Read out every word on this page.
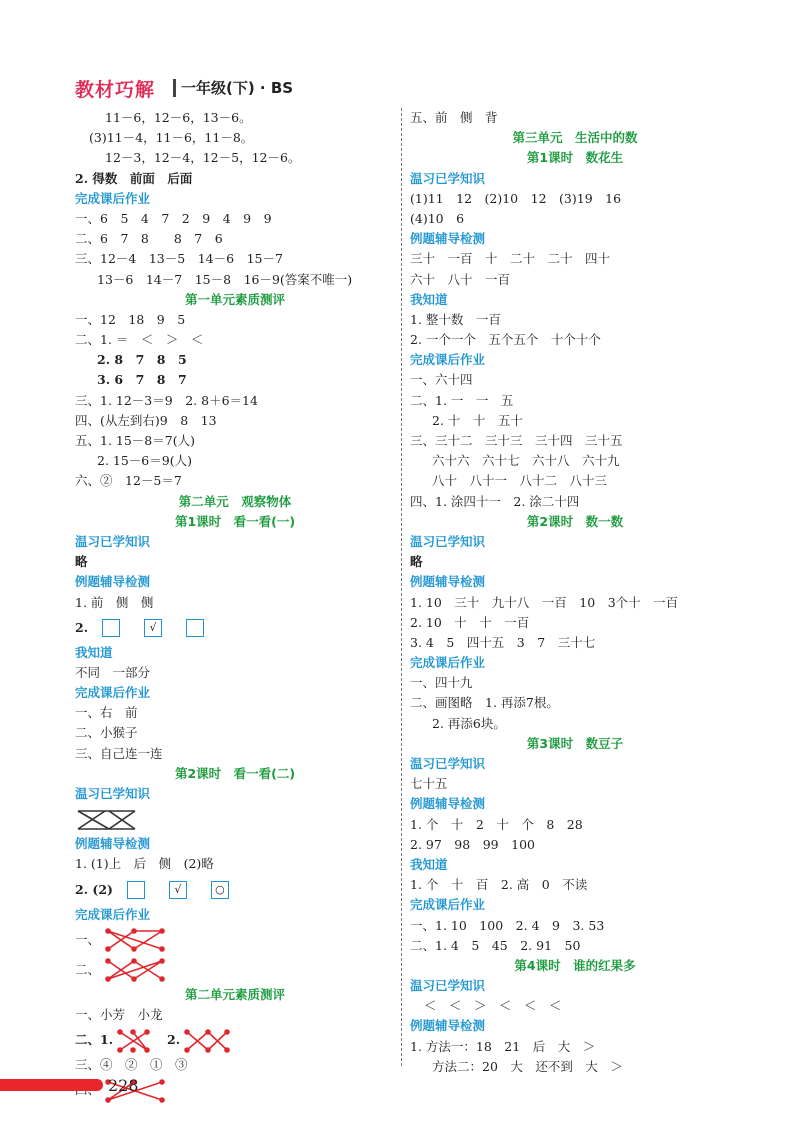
教材巧解 一年级(下) · BS
11－6，12－6，13－6。
(3)11－4，11－6，11－8。
12－3，12－4，12－5，12－6。
2. 得数　前面　后面
完成课后作业
一、6　5　4　7　2　9　4　9　9
二、6　7　8　　8　7　6
三、12－4　13－5　14－6　15－7
13－6　14－7　15－8　16－9(答案不唯一)
第一单元素质测评
一、12　18　9　5
二、1. ＝　＜　＞　＜
2. 8　7　8　5
3. 6　7　8　7
三、1. 12－3＝9　2. 8＋6＝14
四、(从左到右)9　8　13
五、1. 15－8＝7(人)
2. 15－6＝9(人)
六、②　12－5＝7
第二单元　观察物体
第1课时　看一看(一)
温习已学知识
略
例题辅导检测
1. 前　侧　侧
2.	√
我知道
不同　一部分
完成课后作业
一、右　前
二、小猴子
三、自己连一连
第2课时　看一看(二)
温习已学知识
例题辅导检测
1. (1)上　后　侧　(2)略
2. (2)	√	○
完成课后作业
一、
二、
第二单元素质测评
一、小芳　小龙
二、1.	2.
三、④　②　①　③
五、前　侧　背
第三单元　生活中的数
第1课时　数花生
温习已学知识
(1)11　12　(2)10　12　(3)19　16
(4)10　6
例题辅导检测
三十　一百　十　二十　二十　四十
六十　八十　一百
我知道
1. 整十数　一百
2. 一个一个　五个五个　十个十个
完成课后作业
一、六十四
二、1. 一　一　五
2. 十　十　五十
三、三十二　三十三　三十四　三十五
六十六　六十七　六十八　六十九
八十　八十一　八十二　八十三
四、1. 涂四十一　2. 涂二十四
第2课时　数一数
温习已学知识
略
例题辅导检测
1. 10　三十　九十八　一百　10　3个十　一百
2. 10　十　十　一百
3. 4　5　四十五　3　7　三十七
完成课后作业
一、四十九
二、画图略　1. 再添7根。
2. 再添6块。
第3课时　数豆子
温习已学知识
七十五
例题辅导检测
1. 个　十　2　十　个　8　28
2. 97　98　99　100
我知道
1. 个　十　百　2. 高　0　不读
完成课后作业
一、1. 10　100　2. 4　9　3. 53
二、1. 4　5　45　2. 91　50
第4课时　谁的红果多
温习已学知识
＜　＜　＞　＜　＜　＜
例题辅导检测
1. 方法一：18　21　后　大　＞
方法二：20　大　还不到　大　＞
228
